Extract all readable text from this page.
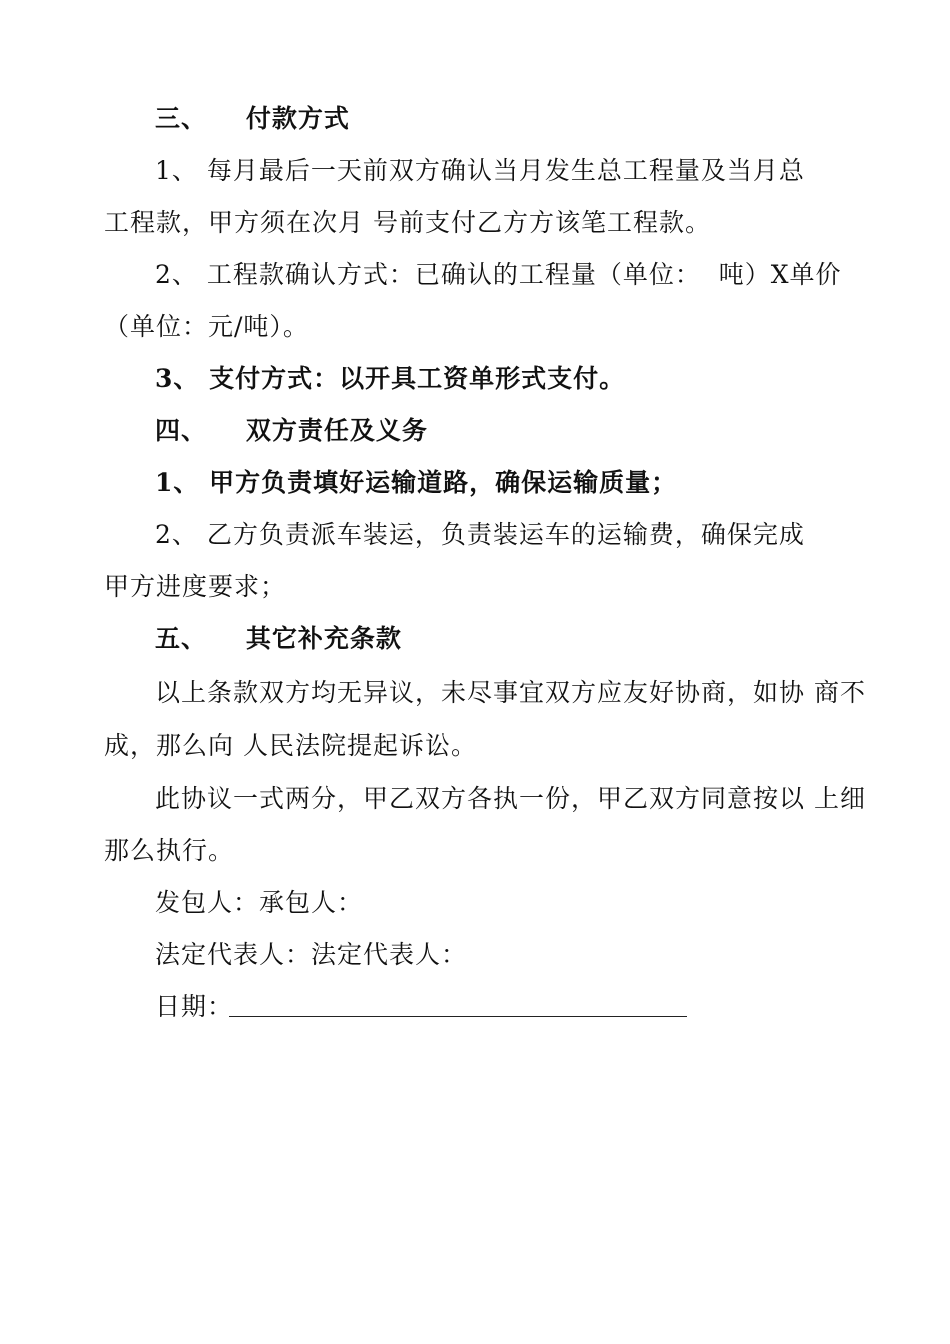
三、    付款方式
1、 每月最后一天前双方确认当月发生总工程量及当月总
工程款，甲方须在次月 号前支付乙方方该笔工程款。
2、 工程款确认方式：已确认的工程量（单位：  吨）X单价
（单位：元/吨）。
3、 支付方式：以开具工资单形式支付。
四、    双方责任及义务
1、 甲方负责填好运输道路，确保运输质量；
2、 乙方负责派车装运，负责装运车的运输费，确保完成
甲方进度要求；
五、    其它补充条款
以上条款双方均无异议，未尽事宜双方应友好协商，如协 商不
成，那么向 人民法院提起诉讼。
此协议一式两分，甲乙双方各执一份，甲乙双方同意按以 上细
那么执行。
发包人：承包人：
法定代表人：法定代表人：
日期：
